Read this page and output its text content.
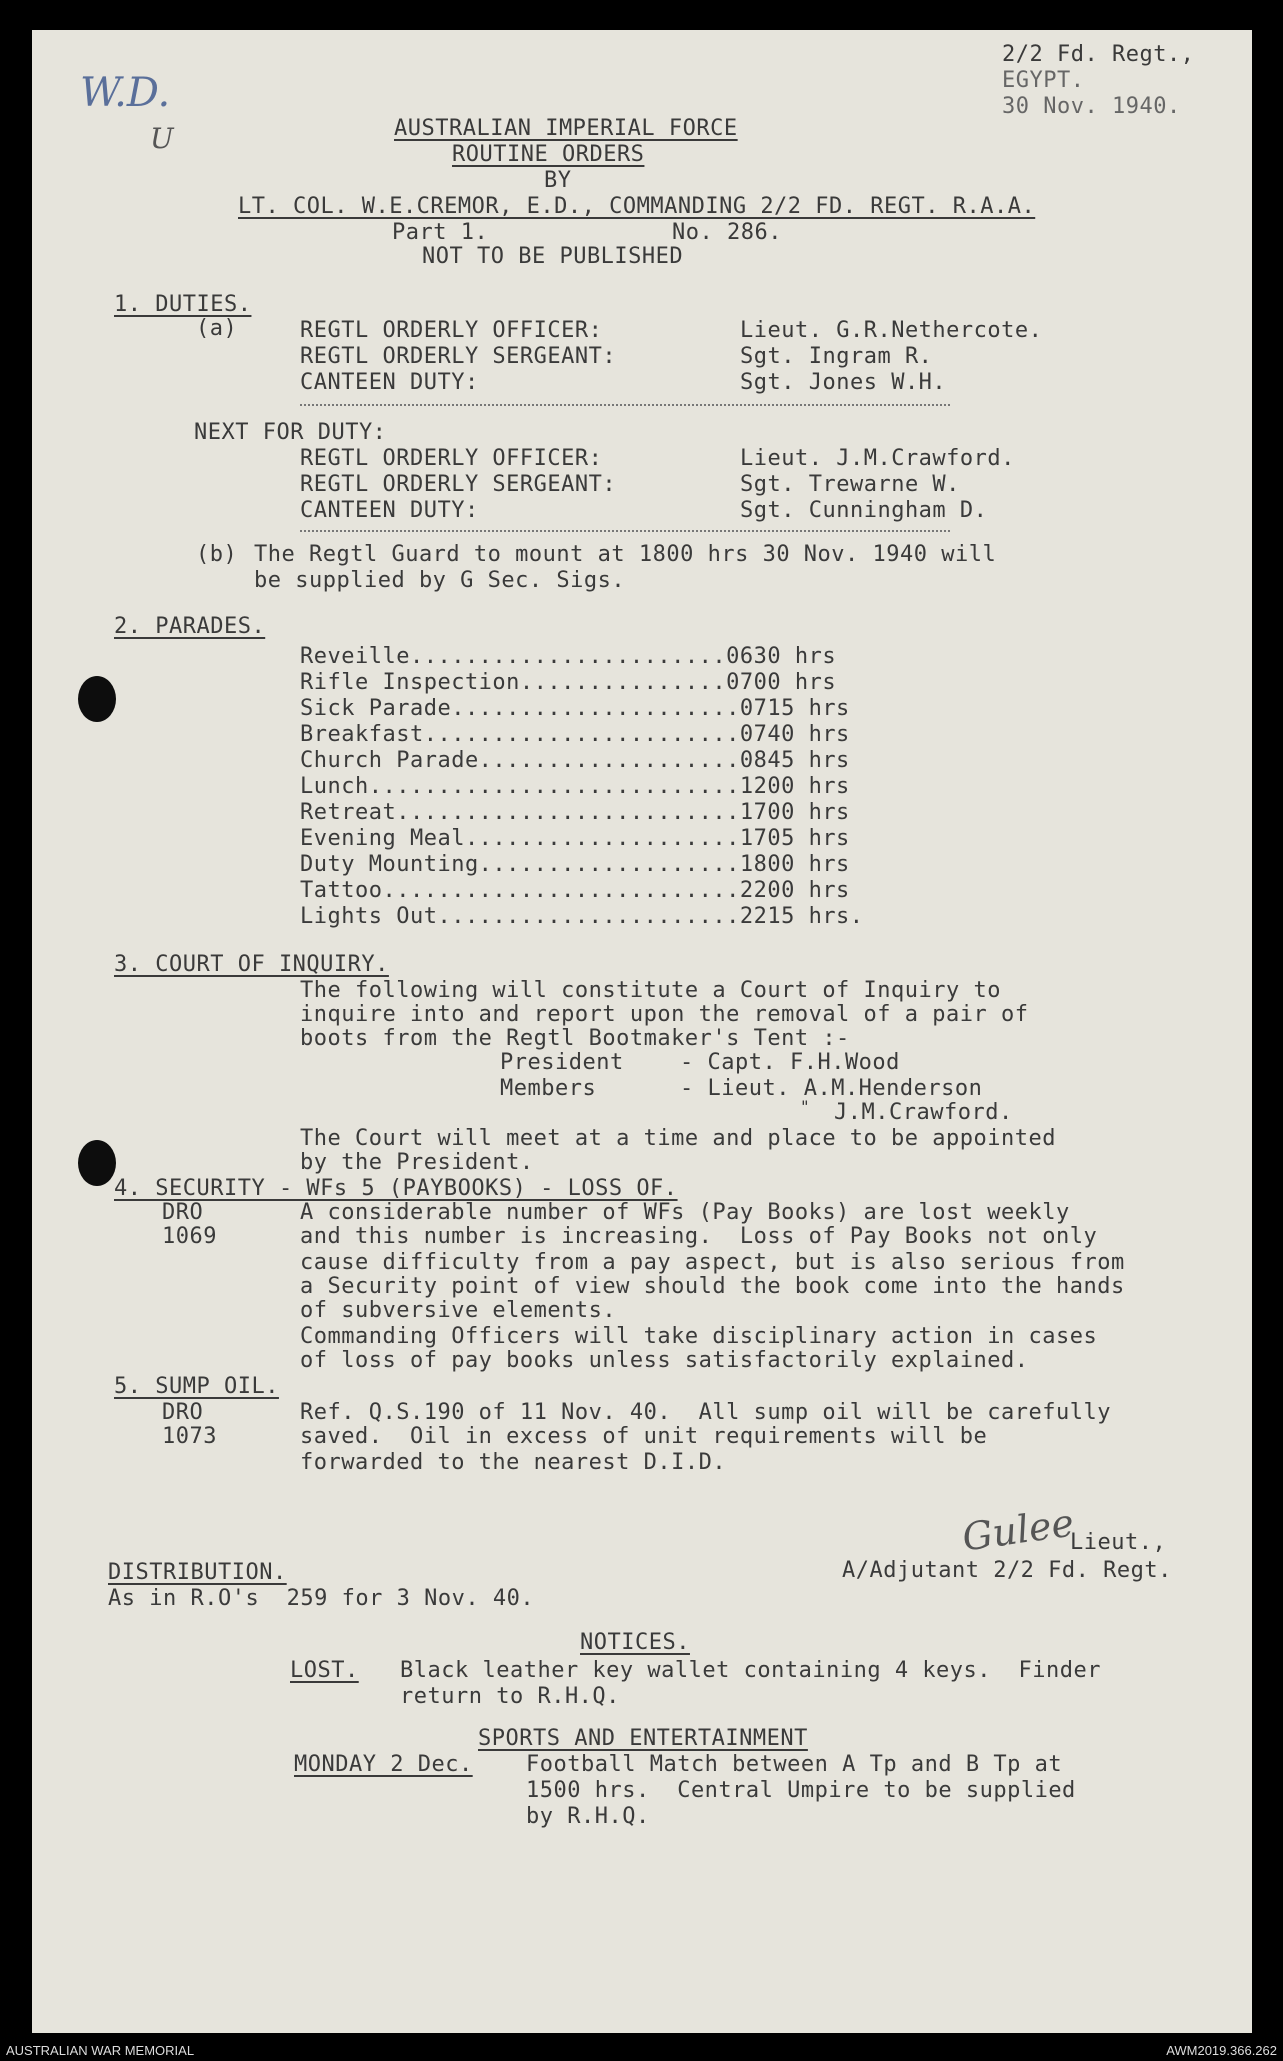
W.D.
U
2/2 Fd. Regt.,
EGYPT.
30 Nov. 1940.
AUSTRALIAN IMPERIAL FORCE
ROUTINE ORDERS
BY
LT. COL. W.E.CREMOR, E.D., COMMANDING 2/2 FD. REGT. R.A.A.
Part 1.	No. 286.
NOT TO BE PUBLISHED
1. DUTIES.
(a)	REGTL ORDERLY OFFICER:	Lieut. G.R.Nethercote.
REGTL ORDERLY SERGEANT:	Sgt. Ingram R.
CANTEEN DUTY:	Sgt. Jones W.H.
NEXT FOR DUTY:
REGTL ORDERLY OFFICER:	Lieut. J.M.Crawford.
REGTL ORDERLY SERGEANT:	Sgt. Trewarne W.
CANTEEN DUTY:	Sgt. Cunningham D.
(b) The Regtl Guard to mount at 1800 hrs 30 Nov. 1940 will
be supplied by G Sec. Sigs.
2. PARADES.
Reveille.......................0630 hrs
Rifle Inspection...............0700 hrs
Sick Parade.....................0715 hrs
Breakfast.......................0740 hrs
Church Parade...................0845 hrs
Lunch...........................1200 hrs
Retreat.........................1700 hrs
Evening Meal....................1705 hrs
Duty Mounting...................1800 hrs
Tattoo..........................2200 hrs
Lights Out......................2215 hrs.
3. COURT OF INQUIRY.
The following will constitute a Court of Inquiry to
inquire into and report upon the removal of a pair of
boots from the Regtl Bootmaker's Tent :-
President	- Capt. F.H.Wood
Members	- Lieut. A.M.Henderson
" J.M.Crawford.
The Court will meet at a time and place to be appointed
by the President.
4. SECURITY - WFs 5 (PAYBOOKS) - LOSS OF.
DRO
1069
A considerable number of WFs (Pay Books) are lost weekly
and this number is increasing.  Loss of Pay Books not only
cause difficulty from a pay aspect, but is also serious from
a Security point of view should the book come into the hands
of subversive elements.
Commanding Officers will take disciplinary action in cases
of loss of pay books unless satisfactorily explained.
5. SUMP OIL.
DRO
1073
Ref. Q.S.190 of 11 Nov. 40.  All sump oil will be carefully
saved.  Oil in excess of unit requirements will be
forwarded to the nearest D.I.D.
Gulee
Lieut.,
A/Adjutant 2/2 Fd. Regt.
DISTRIBUTION.
As in R.O's  259 for 3 Nov. 40.
NOTICES.
LOST. Black leather key wallet containing 4 keys.  Finder
return to R.H.Q.
SPORTS AND ENTERTAINMENT
MONDAY 2 Dec. Football Match between A Tp and B Tp at
1500 hrs.  Central Umpire to be supplied
by R.H.Q.
AUSTRALIAN WAR MEMORIAL	AWM2019.366.262
